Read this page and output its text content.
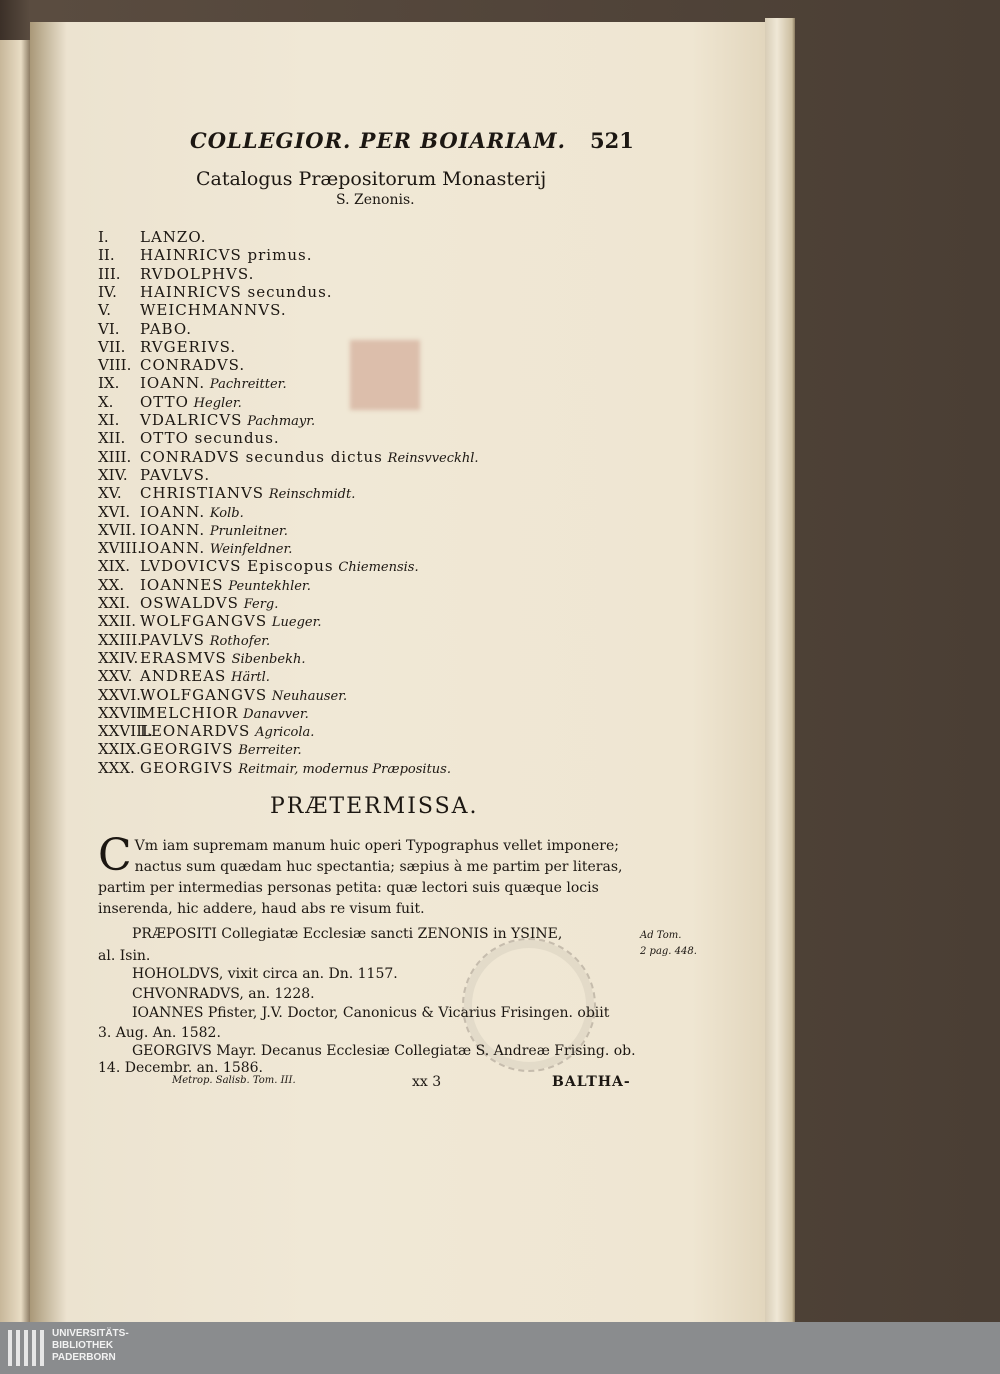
COLLEGIOR. PER BOIARIAM. 521
Catalogus Præpositorum Monasterij
S. Zenonis.
I. LANZO.
II. HAINRICVS primus.
III. RVDOLPHVS.
IV. HAINRICVS secundus.
V. WEICHMANNVS.
VI. PABO.
VII. RVGERIVS.
VIII. CONRADVS.
IX. IOANN. Pachreitter.
X. OTTO Hegler.
XI. VDALRICVS Pachmayr.
XII. OTTO secundus.
XIII. CONRADVS secundus dictus Reinsvveckhl.
XIV. PAVLVS.
XV. CHRISTIANVS Reinschmidt.
XVI. IOANN. Kolb.
XVII. IOANN. Prunleitner.
XVIII.IOANN. Weinfeldner.
XIX. LVDOVICVS Episcopus Chiemensis.
XX. IOANNES Peuntekhler.
XXI. OSWALDVS Ferg.
XXII. WOLFGANGVS Lueger.
XXIII.PAVLVS Rothofer.
XXIV. ERASMVS Sibenbekh.
XXV. ANDREAS Härtl.
XXVI.WOLFGANGVS Neuhauser.
XXVII.MELCHIOR Danavver.
XXVIII.LEONARDVS Agricola.
XXIX.GEORGIVS Berreiter.
XXX. GEORGIVS Reitmair, modernus Præpositus.
PRÆTERMISSA.
C Vm iam supremam manum huic operi Typographus vellet imponere; nactus sum quædam huc spectantia; sæpius à me partim per literas, partim per intermedias personas petita: quæ lectori suis quæque locis inserenda, hic addere, haud abs re visum fuit.
PRÆPOSITI Collegiatæ Ecclesiæ sancti ZENONIS in YSINE,
al. Isin.
HOHOLDVS, vixit circa an. Dn. 1157.
CHVONRADVS, an. 1228.
IOANNES Pfister, J.V. Doctor, Canonicus & Vicarius Frisingen. obiit
3. Aug. An. 1582.
GEORGIVS Mayr. Decanus Ecclesiæ Collegiatæ S. Andreæ Frising. ob.
14. Decembr. an. 1586.
Ad Tom.
2 pag. 448.
Metrop. Salisb. Tom. III.	xx 3	BALTHA-
UNIVERSITÄTS-
BIBLIOTHEK
PADERBORN
